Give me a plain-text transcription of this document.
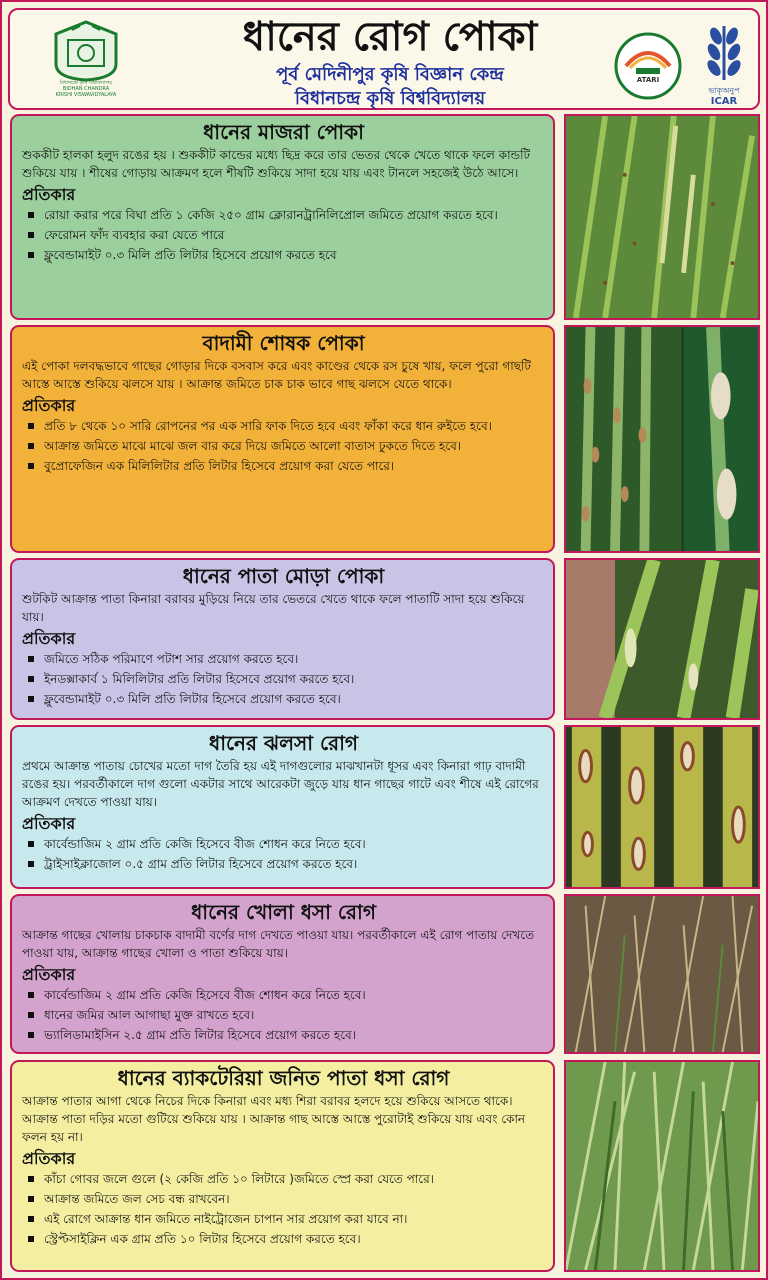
বিধানচন্দ্র কৃষি বিশ্ববিদ্যালয়
BIDHAN CHANDRA
KRISHI VISWAVIDYALAYA
ধানের রোগ পোকা
পূর্ব মেদিনীপুর কৃষি বিজ্ঞান কেন্দ্র
বিধানচন্দ্র কৃষি বিশ্ববিদ্যালয়
ATARI
ভাকৃঅনুপ
ICAR
ধানের মাজরা পোকা

শুককীট হালকা হলুদ রঙের হয় । শুককীট কান্ডের মধ্যে ছিদ্র করে তার ভেতর থেকে খেতে থাকে ফলে কান্ডটি শুকিয়ে যায় । শীষের গোড়ায় আক্রমণ হলে শীষটি শুকিয়ে সাদা হয়ে যায় এবং টানলে সহজেই উঠে আসে।

প্রতিকার
রোয়া করার পরে বিঘা প্রতি ১ কেজি ২৫০ গ্রাম ক্লোরানট্রানিলিপ্রোল জমিতে প্রয়োগ করতে হবে।
ফেরোমন ফাঁদ ব্যবহার করা যেতে পারে
ফ্লুবেন্ডামাইট ০.৩ মিলি প্রতি লিটার হিসেবে প্রয়োগ করতে হবে
বাদামী শোষক পোকা

এই পোকা দলবদ্ধভাবে গাছের গোড়ার দিকে বসবাস করে এবং কাণ্ডের থেকে রস চুষে খায়, ফলে পুরো গাছটি আস্তে আস্তে শুকিয়ে ঝলসে যায় । আক্রান্ত জমিতে চাক চাক ভাবে গাছ ঝলসে যেতে থাকে।

প্রতিকার
প্রতি ৮ থেকে ১০ সারি রোপনের পর এক সারি ফাক দিতে হবে এবং ফাঁকা করে ধান রুইতে হবে।
আক্রান্ত জমিতে মাঝে মাঝে জল বার করে দিয়ে জমিতে আলো বাতাস ঢুকতে দিতে হবে।
বুপ্রোফেজিন এক মিলিলিটার প্রতি লিটার হিসেবে প্রয়োগ করা যেতে পারে।
ধানের পাতা মোড়া পোকা

শুটকিট আক্রান্ত পাতা কিনারা বরাবর মুড়িয়ে নিয়ে তার ভেতরে খেতে থাকে ফলে পাতাটি সাদা হয়ে শুকিয়ে যায়।

প্রতিকার
জমিতে সঠিক পরিমাণে পটাশ সার প্রয়োগ করতে হবে।
ইনডক্সাকার্ব ১ মিলিলিটার প্রতি লিটার হিসেবে প্রয়োগ করতে হবে।
ফ্লুবেন্ডামাইট ০.৩ মিলি প্রতি লিটার হিসেবে প্রয়োগ করতে হবে।
ধানের ঝলসা রোগ

প্রথমে আক্রান্ত পাতায় চোখের মতো দাগ তৈরি হয় এই দাগগুলোর মাঝখানটা ধূসর এবং কিনারা গাঢ় বাদামী রঙের হয়। পরবর্তীকালে দাগ গুলো একটার সাথে আরেকটা জুড়ে যায় ধান গাছের গাটে এবং শীষে এই রোগের আক্রমণ দেখতে পাওয়া যায়।

প্রতিকার
কার্বেন্ডাজিম ২ গ্রাম প্রতি কেজি হিসেবে বীজ শোধন করে নিতে হবে।
ট্রাইসাইক্লাজোল ০.৫ গ্রাম প্রতি লিটার হিসেবে প্রয়োগ করতে হবে।
ধানের খোলা ধসা রোগ

আক্রান্ত গাছের খোলায় চাকচাক বাদামী বর্ণের দাগ দেখতে পাওয়া যায়। পরবর্তীকালে এই রোগ পাতায় দেখতে পাওয়া যায়, আক্রান্ত গাছের খোলা ও পাতা শুকিয়ে যায়।

প্রতিকার
কার্বেন্ডাজিম ২ গ্রাম প্রতি কেজি হিসেবে বীজ শোধন করে নিতে হবে।
ধানের জমির আল আগাছা মুক্ত রাখতে হবে।
ভ্যালিডামাইসিন ২.৫ গ্রাম প্রতি লিটার হিসেবে প্রয়োগ করতে হবে।
ধানের ব্যাকটেরিয়া জনিত পাতা ধসা রোগ

আক্রান্ত পাতার আগা থেকে নিচের দিকে কিনারা এবং মধ্য শিরা বরাবর হলদে হয়ে শুকিয়ে আসতে থাকে। আক্রান্ত পাতা দড়ির মতো গুটিয়ে শুকিয়ে যায় । আক্রান্ত গাছ আস্তে আস্তে পুরোটাই শুকিয়ে যায় এবং কোন ফলন হয় না।

প্রতিকার
কাঁচা গোবর জলে গুলে (২ কেজি প্রতি ১০ লিটারে )জমিতে স্প্রে করা যেতে পারে।
আক্রান্ত জমিতে জল সেচ বন্ধ রাখবেন।
এই রোগে আক্রান্ত ধান জমিতে নাইট্রোজেন চাপান সার প্রয়োগ করা যাবে না।
স্ট্রেপ্টসাইক্লিন এক গ্রাম প্রতি ১০ লিটার হিসেবে প্রয়োগ করতে হবে।
